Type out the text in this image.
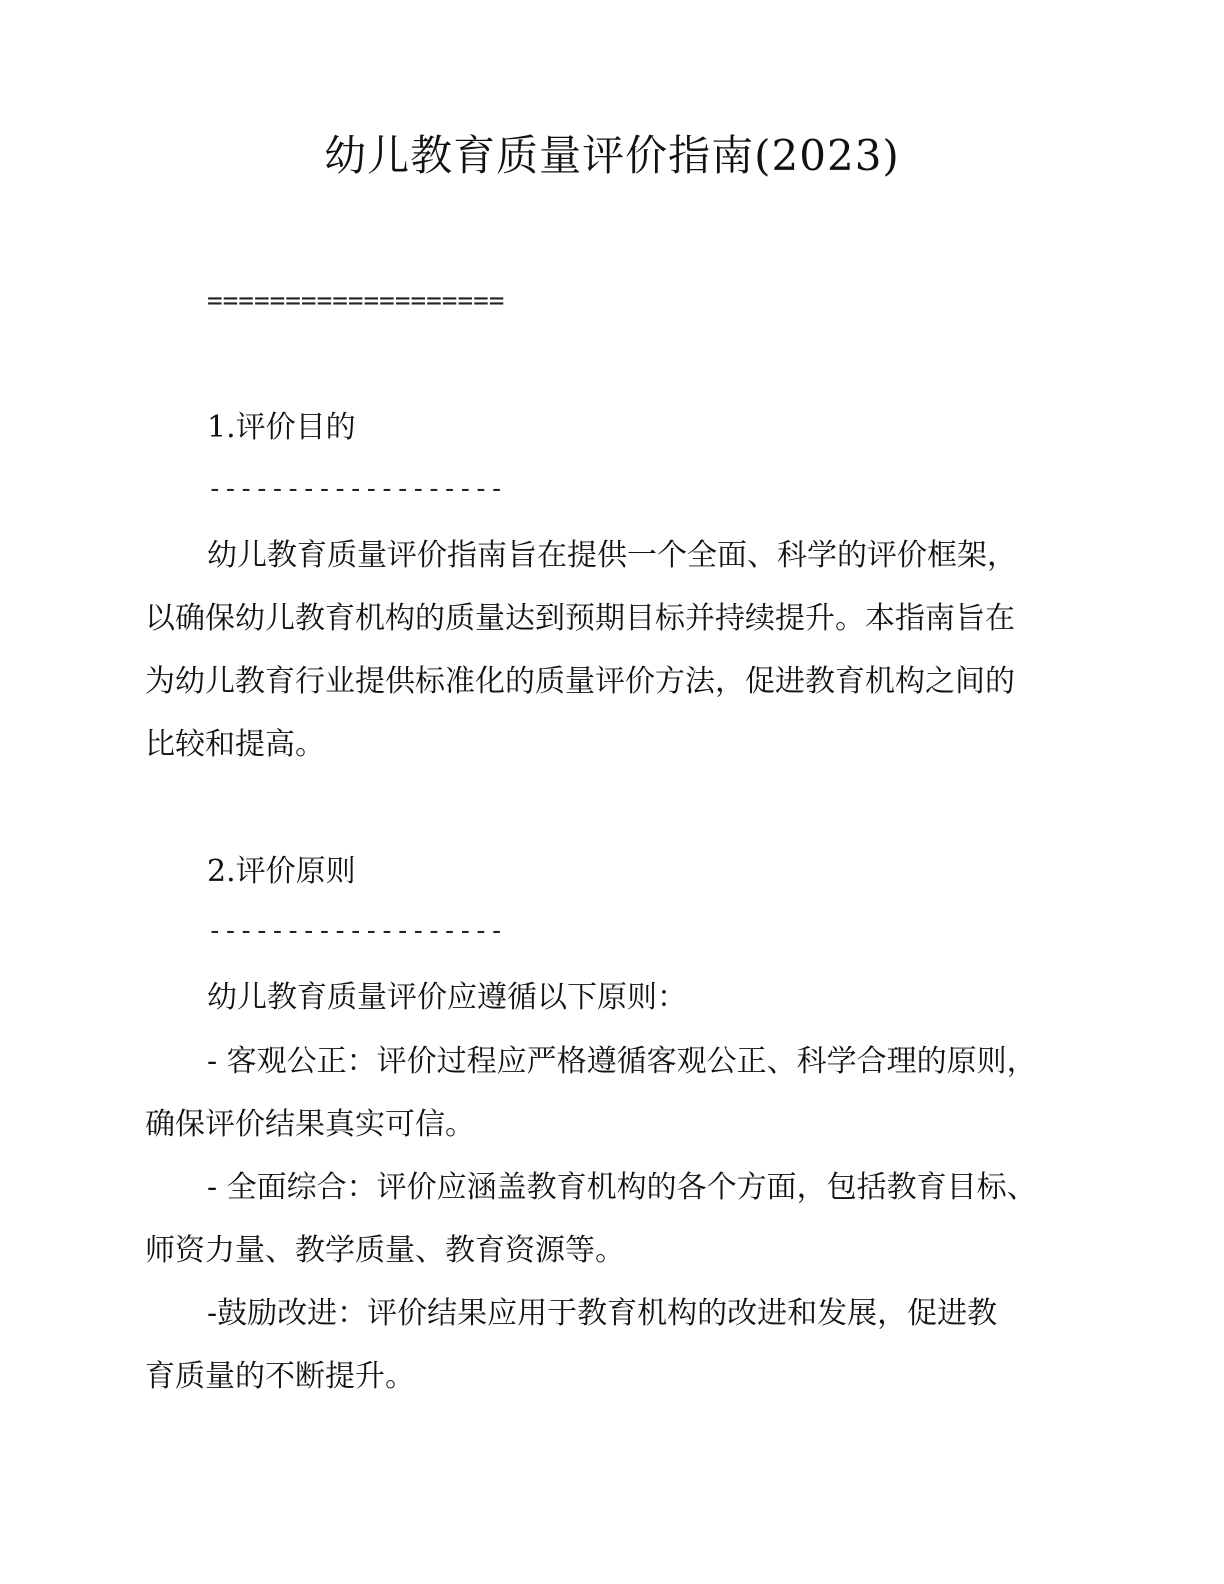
幼儿教育质量评价指南(2023)
===================
1.评价目的
-------------------
幼儿教育质量评价指南旨在提供一个全面、科学的评价框架，
以确保幼儿教育机构的质量达到预期目标并持续提升。本指南旨在
为幼儿教育行业提供标准化的质量评价方法，促进教育机构之间的
比较和提高。
2.评价原则
-------------------
幼儿教育质量评价应遵循以下原则：
- 客观公正：评价过程应严格遵循客观公正、科学合理的原则，
确保评价结果真实可信。
- 全面综合：评价应涵盖教育机构的各个方面，包括教育目标、
师资力量、教学质量、教育资源等。
-鼓励改进：评价结果应用于教育机构的改进和发展，促进教
育质量的不断提升。
